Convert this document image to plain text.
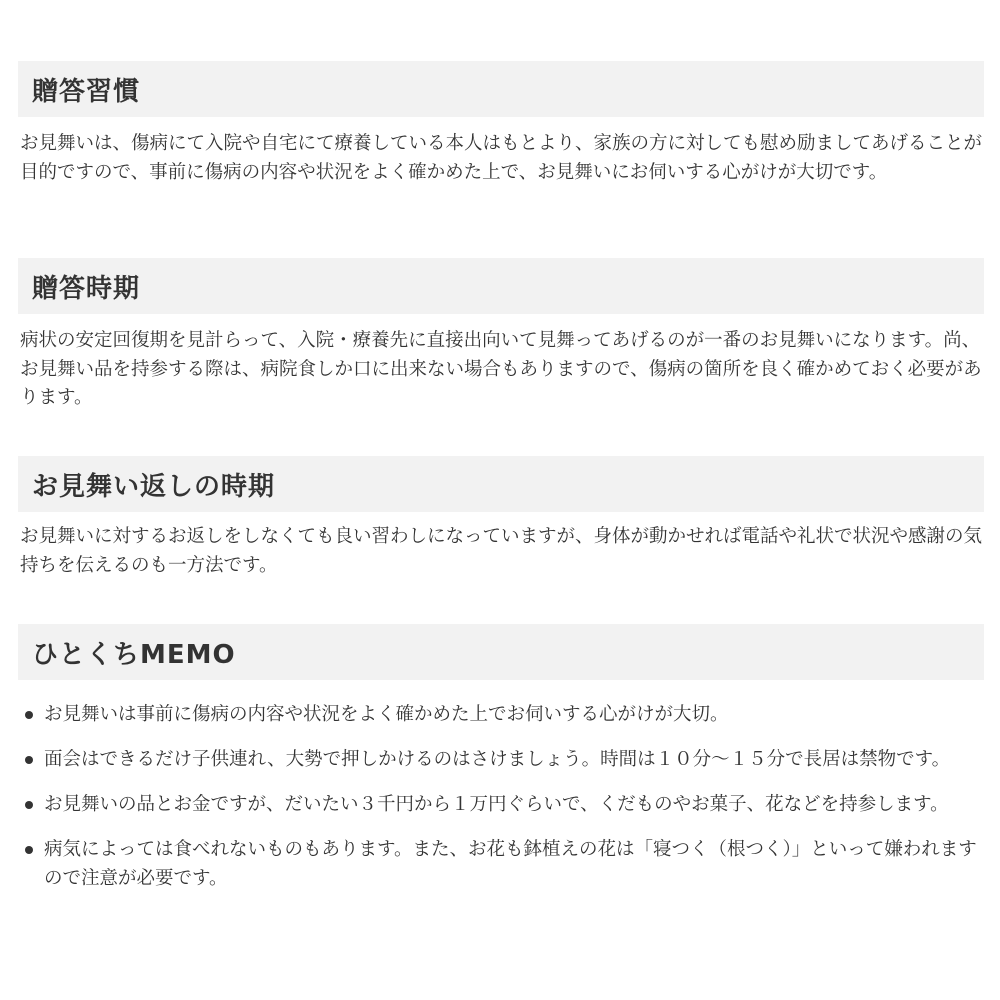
贈答習慣

お見舞いは、傷病にて入院や自宅にて療養している本人はもとより、家族の方に対しても慰め励ましてあげることが目的ですので、事前に傷病の内容や状況をよく確かめた上で、お見舞いにお伺いする心がけが大切です。

贈答時期

病状の安定回復期を見計らって、入院・療養先に直接出向いて見舞ってあげるのが一番のお見舞いになります。尚、お見舞い品を持参する際は、病院食しか口に出来ない場合もありますので、傷病の箇所を良く確かめておく必要があります。

お見舞い返しの時期

お見舞いに対するお返しをしなくても良い習わしになっていますが、身体が動かせれば電話や礼状で状況や感謝の気持ちを伝えるのも一方法です。

ひとくちMEMO
お見舞いは事前に傷病の内容や状況をよく確かめた上でお伺いする心がけが大切。
面会はできるだけ子供連れ、大勢で押しかけるのはさけましょう。時間は１０分～１５分で長居は禁物です。
お見舞いの品とお金ですが、だいたい３千円から１万円ぐらいで、くだものやお菓子、花などを持参します。
病気によっては食べれないものもあります。また、お花も鉢植えの花は「寝つく（根つく）」といって嫌われますので注意が必要です。
